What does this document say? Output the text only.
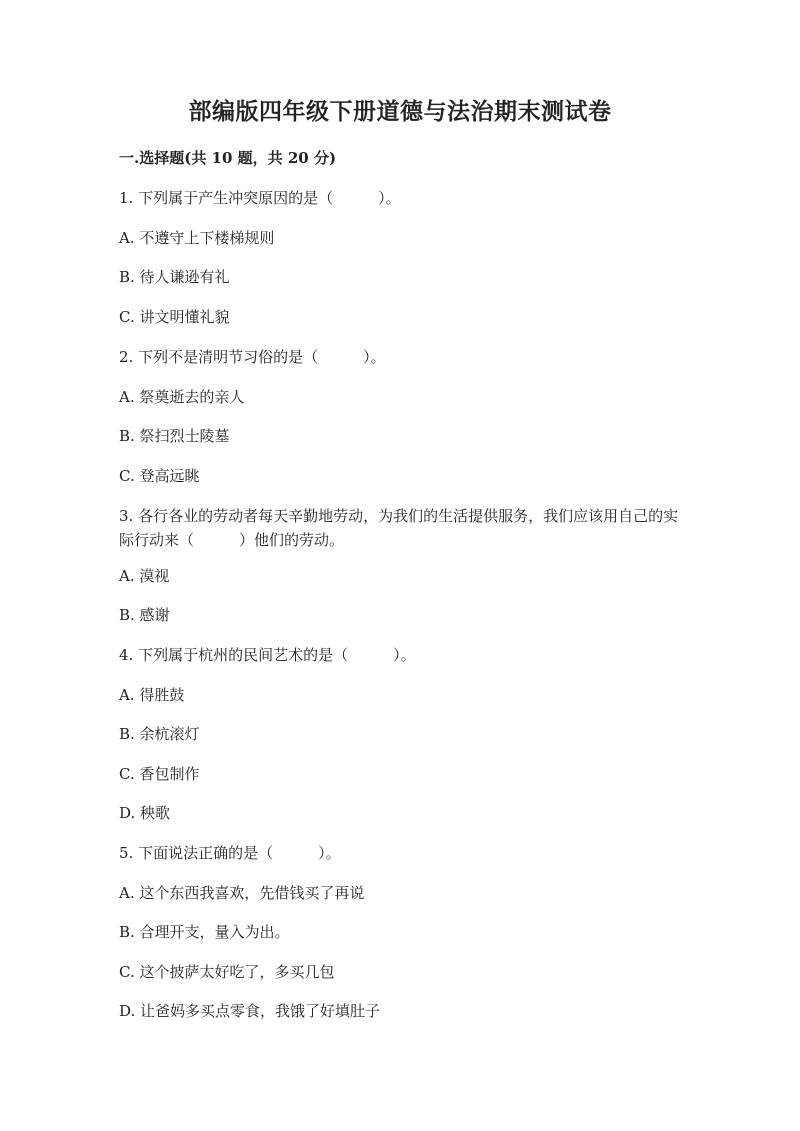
部编版四年级下册道德与法治期末测试卷
一.选择题(共 10 题，共 20 分)
1. 下列属于产生冲突原因的是（　　　）。
A. 不遵守上下楼梯规则
B. 待人谦逊有礼
C. 讲文明懂礼貌
2. 下列不是清明节习俗的是（　　　）。
A. 祭奠逝去的亲人
B. 祭扫烈士陵墓
C. 登高远眺
3. 各行各业的劳动者每天辛勤地劳动，为我们的生活提供服务，我们应该用自己的实际行动来（　　　）他们的劳动。
A. 漠视
B. 感谢
4. 下列属于杭州的民间艺术的是（　　　）。
A. 得胜鼓
B. 余杭滚灯
C. 香包制作
D. 秧歌
5. 下面说法正确的是（　　　）。
A. 这个东西我喜欢，先借钱买了再说
B. 合理开支，量入为出。
C. 这个披萨太好吃了，多买几包
D. 让爸妈多买点零食，我饿了好填肚子
